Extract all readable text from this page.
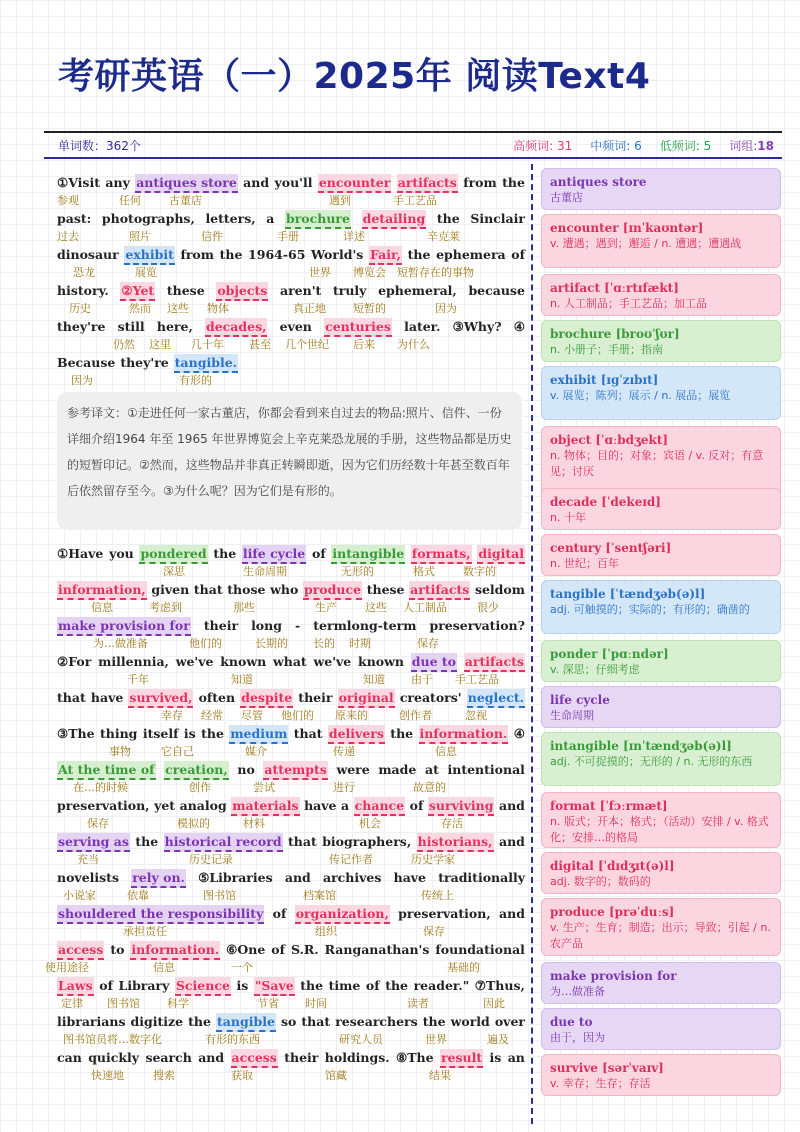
考研英语（一）2025年 阅读Text4
单词数：362个	高频词: 31 中频词: 6 低频词: 5 词组:18
①Visit any antiques store and you'll encounter artifacts from the
参观	任何	古董店	遇到	手工艺品
past: photographs, letters, a brochure detailing the Sinclair
过去	照片	信件	手册	详述	辛克莱
dinosaur exhibit from the 1964-65 World's Fair, the ephemera of
恐龙	展览	世界 博览会 短暂存在的事物
history. ②Yet these objects aren't truly ephemeral, because
历史	然而 这些 物体	真正地 短暂的	因为
they're still here, decades, even centuries later. ③Why? ④
仍然 这里 几十年 甚至 几个世纪 后来 为什么
Because they're tangible.
因为	有形的
参考译文：①走进任何一家古董店，你都会看到来自过去的物品:照片、信件、一份详细介绍1964 年至 1965 年世界博览会上辛克莱恐龙展的手册，这些物品都是历史的短暂印记。②然而，这些物品并非真正转瞬即逝，因为它们历经数十年甚至数百年后依然留存至今。③为什么呢？因为它们是有形的。
①Have you pondered the life cycle of intangible formats, digital
深思	生命周期	无形的	格式	数字的
information, given that those who produce these artifacts seldom
信息	考虑到	那些	生产	这些 人工制品	很少
make provision for their long - termlong-term preservation?
为…做准备	他们的	长期的 长的 时期	保存
②For millennia, we've known what we've known due to artifacts
千年	知道	知道 由于 手工艺品
that have survived, often despite their original creators' neglect.
幸存 经常 尽管 他们的 原来的	创作者	忽视
③The thing itself is the medium that delivers the information. ④
事物	它自己	媒介	传递	信息
At the time of creation, no attempts were made at intentional
在…的时候	创作	尝试	进行	故意的
preservation, yet analog materials have a chance of surviving and
保存	模拟的	材料	机会	存活
serving as the historical record that biographers, historians, and
充当	历史记录	传记作者	历史学家
novelists rely on. ⑤Libraries and archives have traditionally
小说家	依靠	图书馆	档案馆	传统上
shouldered the responsibility of organization, preservation, and
承担责任	组织	保存
access to information. ⑥One of S.R. Ranganathan's foundational
使用途径	信息	一个	基础的
Laws of Library Science is "Save the time of the reader." ⑦Thus,
定律 图书馆 科学	节省 时间	读者	因此
librarians digitize the tangible so that researchers the world over
图书馆员将…数字化	有形的东西	研究人员	世界	遍及
can quickly search and access their holdings. ⑧The result is an
快速地	搜索	获取	馆藏	结果
antiques store
古董店
encounter [ɪnˈkaʊntər]
v. 遭遇；遇到；邂逅 / n. 遭遇；遭遇战
artifact [ˈɑːrtɪfækt]
n. 人工制品；手工艺品；加工品
brochure [broʊˈʃʊr]
n. 小册子；手册；指南
exhibit [ɪɡˈzɪbɪt]
v. 展览；陈列；展示 / n. 展品；展览
object [ˈɑːbdʒekt]
n. 物体；目的；对象；宾语 / v. 反对；有意见；讨厌
decade [ˈdekeɪd]
n. 十年
century [ˈsentʃəri]
n. 世纪；百年
tangible [ˈtændʒəb(ə)l]
adj. 可触摸的；实际的；有形的；确凿的
ponder [ˈpɑːndər]
v. 深思；仔细考虑
life cycle
生命周期
intangible [ɪnˈtændʒəb(ə)l]
adj. 不可捉摸的；无形的 / n. 无形的东西
format [ˈfɔːrmæt]
n. 版式；开本；格式；（活动）安排 / v. 格式化；安排…的格局
digital [ˈdɪdʒɪt(ə)l]
adj. 数字的；数码的
produce [prəˈduːs]
v. 生产；生育；制造；出示；导致；引起 / n. 农产品
make provision for
为…做准备
due to
由于，因为
survive [sərˈvaɪv]
v. 幸存；生存；存活
